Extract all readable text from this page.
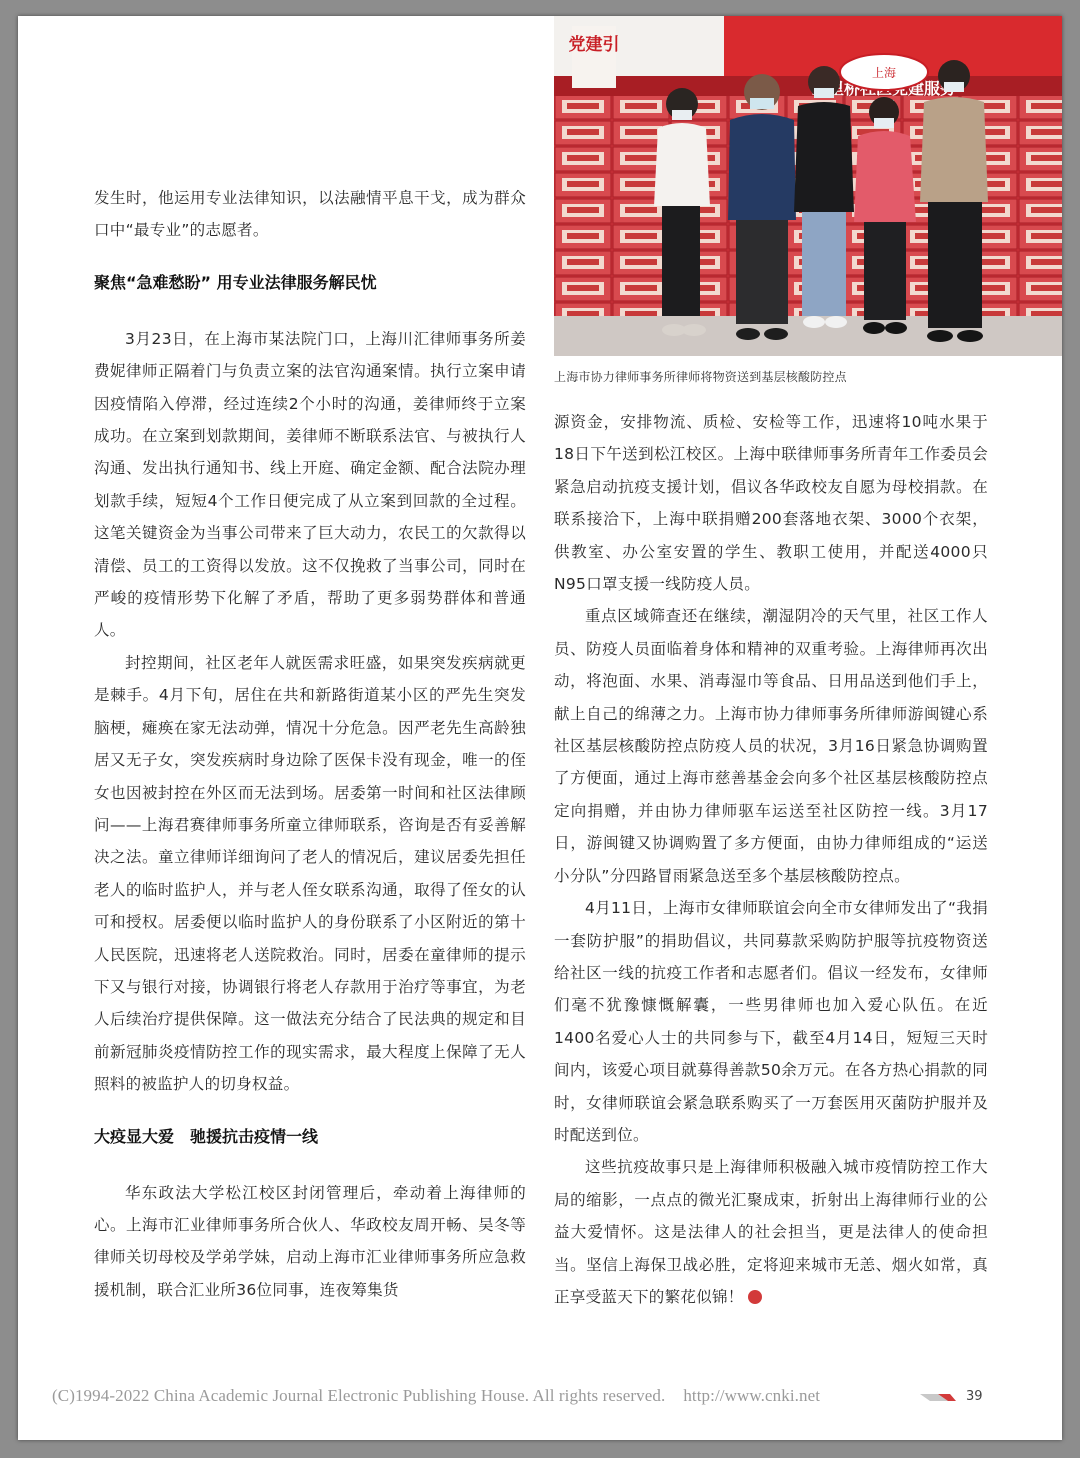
党建引
上海
上海市协力律师事务所律师将物资送到基层核酸防控点

发生时，他运用专业法律知识，以法融情平息干戈，成为群众口中“最专业”的志愿者。

聚焦“急难愁盼” 用专业法律服务解民忧

3月23日，在上海市某法院门口，上海川汇律师事务所姜费妮律师正隔着门与负责立案的法官沟通案情。执行立案申请因疫情陷入停滞，经过连续2个小时的沟通，姜律师终于立案成功。在立案到划款期间，姜律师不断联系法官、与被执行人沟通、发出执行通知书、线上开庭、确定金额、配合法院办理划款手续，短短4个工作日便完成了从立案到回款的全过程。这笔关键资金为当事公司带来了巨大动力，农民工的欠款得以清偿、员工的工资得以发放。这不仅挽救了当事公司，同时在严峻的疫情形势下化解了矛盾，帮助了更多弱势群体和普通人。

封控期间，社区老年人就医需求旺盛，如果突发疾病就更是棘手。4月下旬，居住在共和新路街道某小区的严先生突发脑梗，瘫痪在家无法动弹，情况十分危急。因严老先生高龄独居又无子女，突发疾病时身边除了医保卡没有现金，唯一的侄女也因被封控在外区而无法到场。居委第一时间和社区法律顾问——上海君赛律师事务所童立律师联系，咨询是否有妥善解决之法。童立律师详细询问了老人的情况后，建议居委先担任老人的临时监护人，并与老人侄女联系沟通，取得了侄女的认可和授权。居委便以临时监护人的身份联系了小区附近的第十人民医院，迅速将老人送院救治。同时，居委在童律师的提示下又与银行对接，协调银行将老人存款用于治疗等事宜，为老人后续治疗提供保障。这一做法充分结合了民法典的规定和目前新冠肺炎疫情防控工作的现实需求，最大程度上保障了无人照料的被监护人的切身权益。

大疫显大爱　驰援抗击疫情一线

华东政法大学松江校区封闭管理后，牵动着上海律师的心。上海市汇业律师事务所合伙人、华政校友周开畅、吴冬等律师关切母校及学弟学妹，启动上海市汇业律师事务所应急救援机制，联合汇业所36位同事，连夜筹集货

源资金，安排物流、质检、安检等工作，迅速将10吨水果于18日下午送到松江校区。上海中联律师事务所青年工作委员会紧急启动抗疫支援计划，倡议各华政校友自愿为母校捐款。在联系接洽下，上海中联捐赠200套落地衣架、3000个衣架，供教室、办公室安置的学生、教职工使用，并配送4000只N95口罩支援一线防疫人员。

重点区域筛查还在继续，潮湿阴冷的天气里，社区工作人员、防疫人员面临着身体和精神的双重考验。上海律师再次出动，将泡面、水果、消毒湿巾等食品、日用品送到他们手上，献上自己的绵薄之力。上海市协力律师事务所律师游闽键心系社区基层核酸防控点防疫人员的状况，3月16日紧急协调购置了方便面，通过上海市慈善基金会向多个社区基层核酸防控点定向捐赠，并由协力律师驱车运送至社区防控一线。3月17日，游闽键又协调购置了多方便面，由协力律师组成的“运送小分队”分四路冒雨紧急送至多个基层核酸防控点。

4月11日，上海市女律师联谊会向全市女律师发出了“我捐一套防护服”的捐助倡议，共同募款采购防护服等抗疫物资送给社区一线的抗疫工作者和志愿者们。倡议一经发布，女律师们毫不犹豫慷慨解囊，一些男律师也加入爱心队伍。在近1400名爱心人士的共同参与下，截至4月14日，短短三天时间内，该爱心项目就募得善款50余万元。在各方热心捐款的同时，女律师联谊会紧急联系购买了一万套医用灭菌防护服并及时配送到位。

这些抗疫故事只是上海律师积极融入城市疫情防控工作大局的缩影，一点点的微光汇聚成束，折射出上海律师行业的公益大爱情怀。这是法律人的社会担当，更是法律人的使命担当。坚信上海保卫战必胜，定将迎来城市无恙、烟火如常，真正享受蓝天下的繁花似锦！	C

(C)1994-2022 China Academic Journal Electronic Publishing House. All rights reserved. http://www.cnki.net	39
